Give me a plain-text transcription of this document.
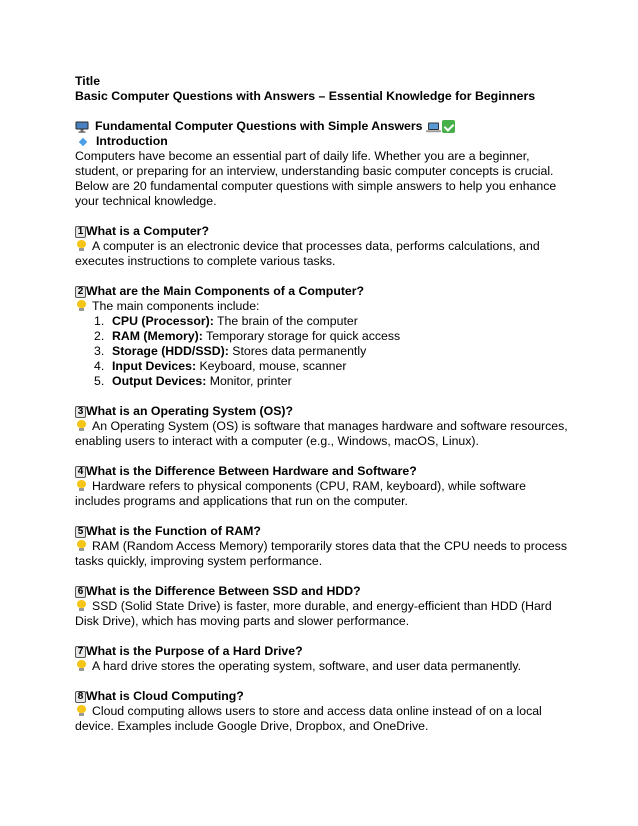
Title
Basic Computer Questions with Answers – Essential Knowledge for Beginners
Fundamental Computer Questions with Simple Answers
Introduction
Computers have become an essential part of daily life. Whether you are a beginner, student, or preparing for an interview, understanding basic computer concepts is crucial. Below are 20 fundamental computer questions with simple answers to help you enhance your technical knowledge.
1 What is a Computer?
A computer is an electronic device that processes data, performs calculations, and executes instructions to complete various tasks.
2 What are the Main Components of a Computer?
The main components include:
1. CPU (Processor): The brain of the computer
2. RAM (Memory): Temporary storage for quick access
3. Storage (HDD/SSD): Stores data permanently
4. Input Devices: Keyboard, mouse, scanner
5. Output Devices: Monitor, printer
3 What is an Operating System (OS)?
An Operating System (OS) is software that manages hardware and software resources, enabling users to interact with a computer (e.g., Windows, macOS, Linux).
4 What is the Difference Between Hardware and Software?
Hardware refers to physical components (CPU, RAM, keyboard), while software includes programs and applications that run on the computer.
5 What is the Function of RAM?
RAM (Random Access Memory) temporarily stores data that the CPU needs to process tasks quickly, improving system performance.
6 What is the Difference Between SSD and HDD?
SSD (Solid State Drive) is faster, more durable, and energy-efficient than HDD (Hard Disk Drive), which has moving parts and slower performance.
7 What is the Purpose of a Hard Drive?
A hard drive stores the operating system, software, and user data permanently.
8 What is Cloud Computing?
Cloud computing allows users to store and access data online instead of on a local device. Examples include Google Drive, Dropbox, and OneDrive.
